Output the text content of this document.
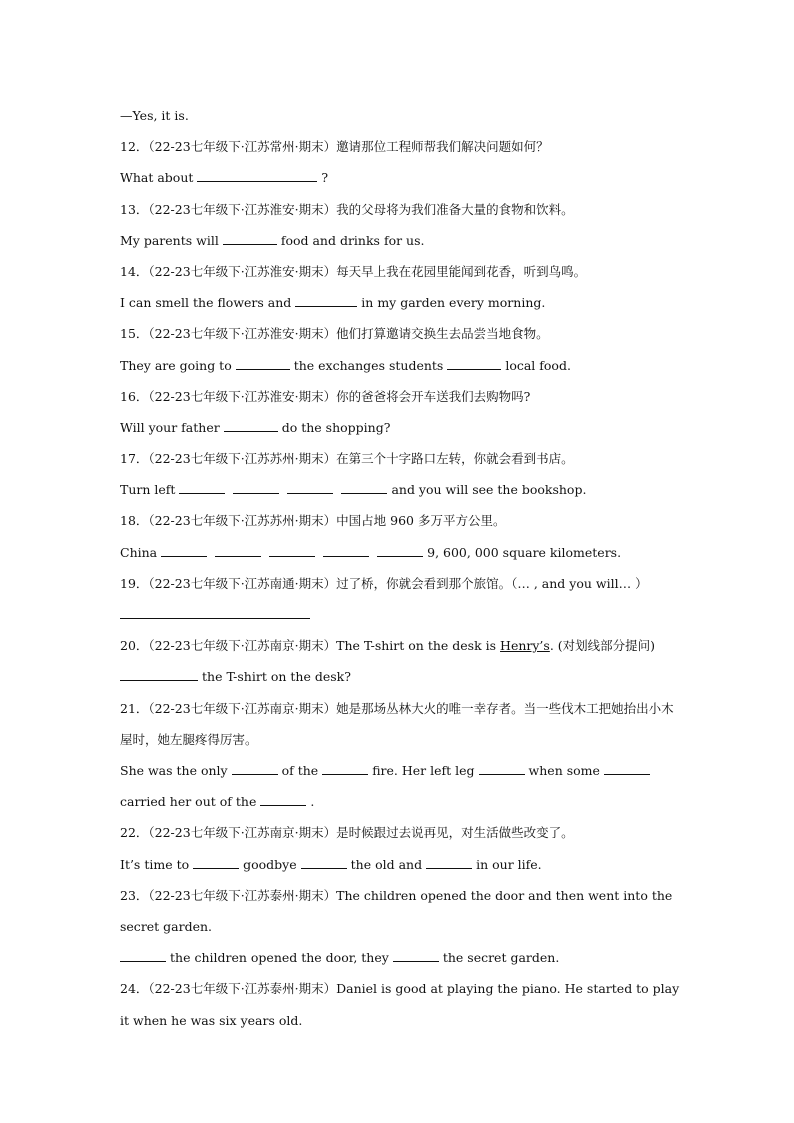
—Yes, it is.
12．（22-23七年级下·江苏常州·期末）邀请那位工程师帮我们解决问题如何？
What about	?
13．（22-23七年级下·江苏淮安·期末）我的父母将为我们准备大量的食物和饮料。
My parents will	food and drinks for us.
14．（22-23七年级下·江苏淮安·期末）每天早上我在花园里能闻到花香，听到鸟鸣。
I can smell the flowers and	in my garden every morning.
15．（22-23七年级下·江苏淮安·期末）他们打算邀请交换生去品尝当地食物。
They are going to	the exchanges students	local food.
16．（22-23七年级下·江苏淮安·期末）你的爸爸将会开车送我们去购物吗?
Will your father	do the shopping?
17．（22-23七年级下·江苏苏州·期末）在第三个十字路口左转，你就会看到书店。
Turn left	and you will see the bookshop.
18．（22-23七年级下·江苏苏州·期末）中国占地 960 多万平方公里。
China	9, 600, 000 square kilometers.
19．（22-23七年级下·江苏南通·期末）过了桥，你就会看到那个旅馆。（… , and you will… ）
20．（22-23七年级下·江苏南京·期末）The T-shirt on the desk is Henry’s. (对划线部分提问)
the T-shirt on the desk?
21．（22-23七年级下·江苏南京·期末）她是那场丛林大火的唯一幸存者。当一些伐木工把她抬出小木屋时，她左腿疼得厉害。
She was the only	of the	fire. Her left leg	when some
carried her out of the	.
22．（22-23七年级下·江苏南京·期末）是时候跟过去说再见，对生活做些改变了。
It’s time to	goodbye	the old and	in our life.
23．（22-23七年级下·江苏泰州·期末）The children opened the door and then went into the secret garden.
the children opened the door, they	the secret garden.
24．（22-23七年级下·江苏泰州·期末）Daniel is good at playing the piano. He started to play it when he was six years old.
